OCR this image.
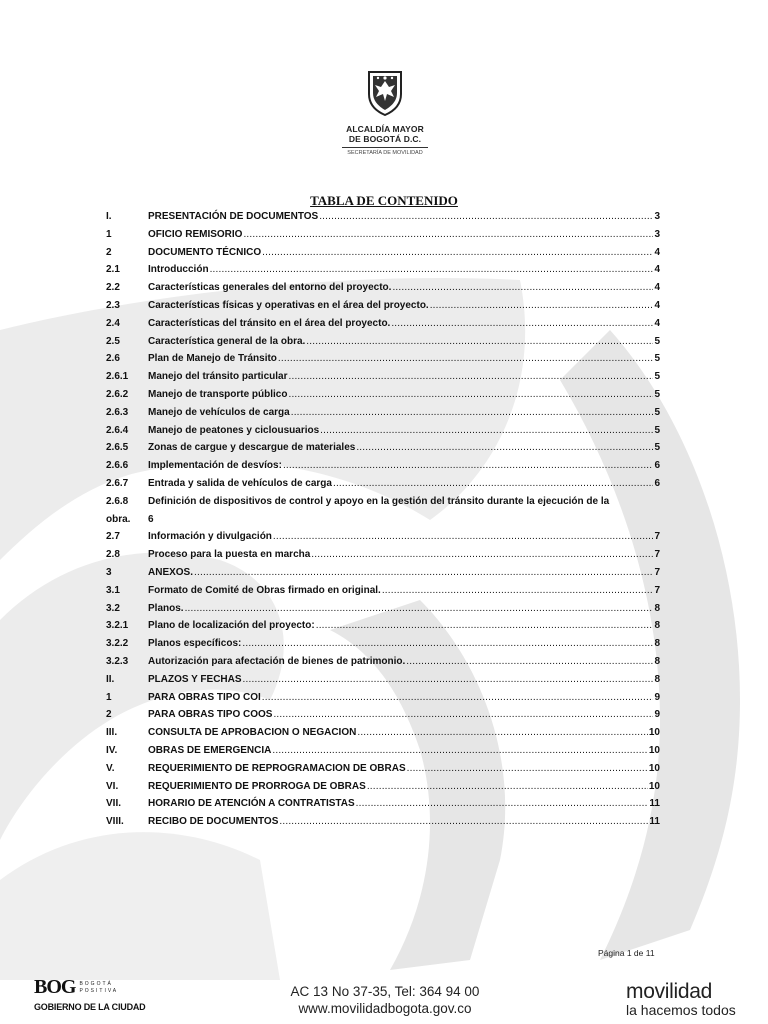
ALCALDÍA MAYOR
DE BOGOTÁ D.C.
SECRETARÍA DE MOVILIDAD
TABLA DE CONTENIDO
I.	PRESENTACIÓN DE DOCUMENTOS .....	3
1	OFICIO REMISORIO .....	3
2	DOCUMENTO TÉCNICO .....	4
2.1	Introducción .....	4
2.2	Características generales del entorno del proyecto. .....	4
2.3	Características físicas y operativas en el área del proyecto. .....	4
2.4	Características del tránsito en el área del proyecto. .....	4
2.5	Característica general de la obra. .....	5
2.6	Plan de Manejo de Tránsito .....	5
2.6.1	Manejo del tránsito particular .....	5
2.6.2	Manejo de transporte público .....	5
2.6.3	Manejo de vehículos de carga .....	5
2.6.4	Manejo de peatones y ciclousuarios .....	5
2.6.5	Zonas de cargue y descargue de materiales .....	5
2.6.6	Implementación de desvíos: .....	6
2.6.7	Entrada y salida de vehículos de carga .....	6
2.6.8	Definición de dispositivos de control y apoyo en la gestión del tránsito durante la ejecución de la
obra.	6
2.7	Información y divulgación .....	7
2.8	Proceso para la puesta en marcha .....	7
3	ANEXOS. .....	7
3.1	Formato de Comité de Obras firmado en original. .....	7
3.2	Planos. .....	8
3.2.1	Plano de localización del proyecto: .....	8
3.2.2	Planos específicos: .....	8
3.2.3	Autorización para afectación de bienes de patrimonio. .....	8
II.	PLAZOS Y FECHAS .....	8
1	PARA OBRAS TIPO COI .....	9
2	PARA OBRAS TIPO COOS .....	9
III.	CONSULTA DE APROBACION O NEGACION .....	10
IV.	OBRAS DE EMERGENCIA .....	10
V.	REQUERIMIENTO DE REPROGRAMACION DE OBRAS .....	10
VI.	REQUERIMIENTO DE PRORROGA DE OBRAS .....	10
VII.	HORARIO DE ATENCIÓN A CONTRATISTAS .....	11
VIII.	RECIBO DE DOCUMENTOS .....	11
Página 1 de 11
BOG BOGOTÁ
POSITIVA
GOBIERNO DE LA CIUDAD
AC 13 No 37-35, Tel: 364 94 00
www.movilidadbogota.gov.co
movilidad
la hacemos todos
